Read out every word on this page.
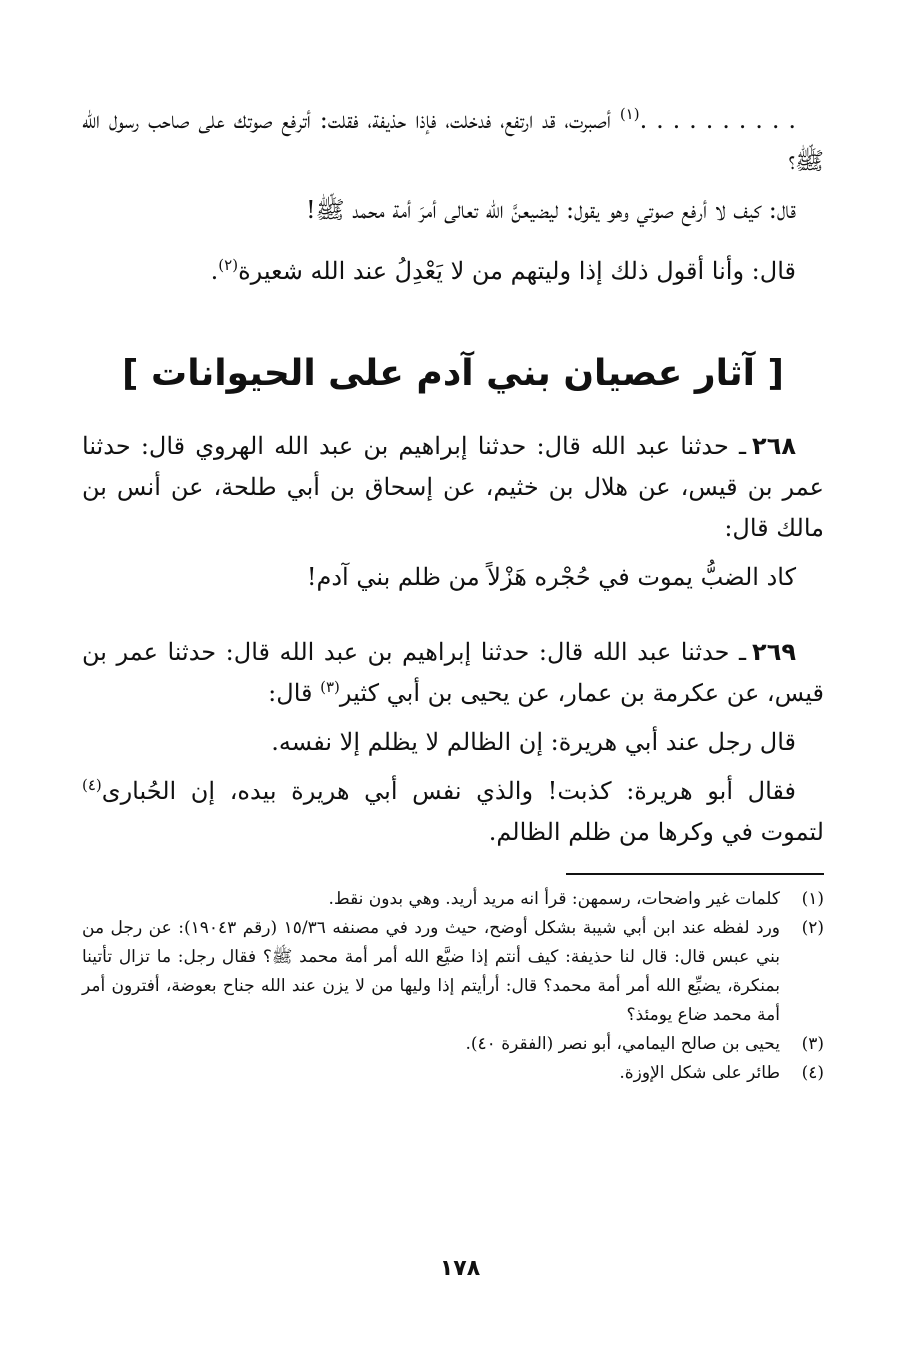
. . . . . . . . . .$^{(١)}$ أصبرت، قد ارتفع، فدخلت، فإذا حذيفة، فقلت: أترفع صوتك على صاحب رسول الله ﷺ؟

قال: كيف لا أرفع صوتي وهو يقول: ليضيعنَّ الله تعالى أمرَ أمة محمد ﷺ!

قال: وأنا أقول ذلك إذا وليتهم من لا يَعْدِلُ عند الله شعيرة$^{(٢)}$.

[ آثار عصيان بني آدم على الحيوانات ]

٢٦٨ـ حدثنا عبد الله قال: حدثنا إبراهيم بن عبد الله الهروي قال: حدثنا عمر بن قيس، عن هلال بن خثيم، عن إسحاق بن أبي طلحة، عن أنس بن مالك قال:

كاد الضبُّ يموت في حُجْره هَزْلاً من ظلم بني آدم!

٢٦٩ـ حدثنا عبد الله قال: حدثنا إبراهيم بن عبد الله قال: حدثنا عمر بن قيس، عن عكرمة بن عمار، عن يحيى بن أبي كثير$^{(٣)}$ قال:

قال رجل عند أبي هريرة: إن الظالم لا يظلم إلا نفسه.

فقال أبو هريرة: كذبت! والذي نفس أبي هريرة بيده، إن الحُبارى$^{(٤)}$ لتموت في وكرها من ظلم الظالم.

(١)
كلمات غير واضحات، رسمهن: قرأ انه مريد أريد. وهي بدون نقط.
(٢)
ورد لفظه عند ابن أبي شيبة بشكل أوضح، حيث ورد في مصنفه ١٥/٣٦ (رقم ١٩٠٤٣): عن رجل من بني عبس قال: قال لنا حذيفة: كيف أنتم إذا ضيَّع الله أمر أمة محمد ﷺ؟ فقال رجل: ما تزال تأتينا بمنكرة، يضيِّع الله أمر أمة محمد؟ قال: أرأيتم إذا وليها من لا يزن عند الله جناح بعوضة، أفترون أمر أمة محمد ضاع يومئذ؟
(٣)
يحيى بن صالح اليمامي، أبو نصر (الفقرة ٤٠).
(٤)
طائر على شكل الإوزة.
١٧٨
